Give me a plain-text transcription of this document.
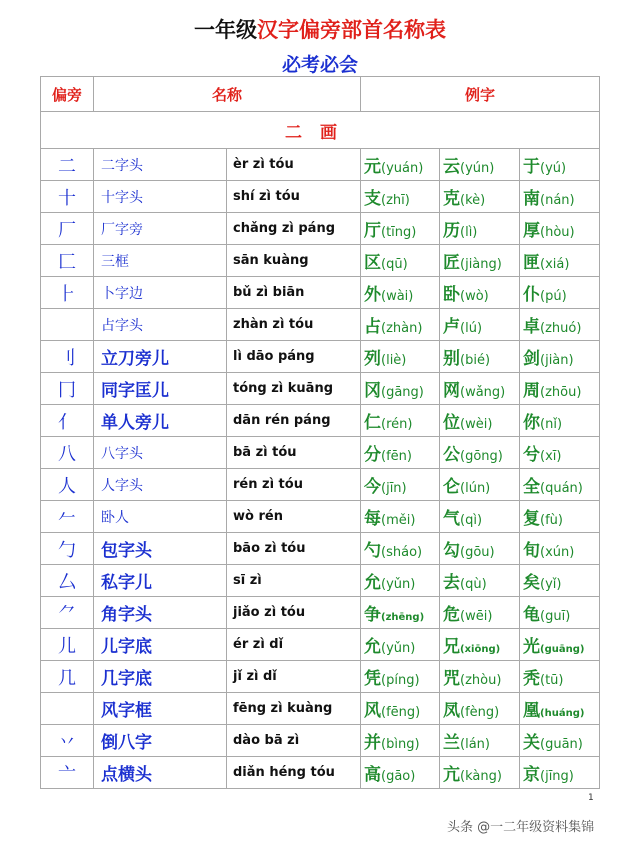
一年级汉字偏旁部首名称表
必考必会
偏旁	名称		例字		
二画					
二	二字头	èr zì tóu	元(yuán)	云(yún)	于(yú)
十	十字头	shí zì tóu	支(zhī)	克(kè)	南(nán)
厂	厂字旁	chǎng zì páng	厅(tīng)	历(lì)	厚(hòu)
匚	三框	sān kuàng	区(qū)	匠(jiàng)	匣(xiá)
⺊	卜字边	bǔ zì biān	外(wài)	卧(wò)	仆(pú)
	占字头	zhàn zì tóu	占(zhàn)	卢(lú)	卓(zhuó)
刂	立刀旁儿	lì dāo páng	列(liè)	别(bié)	剑(jiàn)
冂	同字匡儿	tóng zì kuāng	冈(gāng)	网(wǎng)	周(zhōu)
亻	单人旁儿	dān rén páng	仁(rén)	位(wèi)	你(nǐ)
八	八字头	bā zì tóu	分(fēn)	公(gōng)	兮(xī)
人	人字头	rén zì tóu	今(jīn)	仑(lún)	全(quán)
𠂉	卧人	wò rén	每(měi)	气(qì)	复(fù)
勹	包字头	bāo zì tóu	勺(sháo)	勾(gōu)	旬(xún)
厶	私字儿	sī zì	允(yǔn)	去(qù)	矣(yǐ)
⺈	角字头	jiǎo zì tóu	争(zhēng)	危(wēi)	龟(guī)
儿	儿字底	ér zì dǐ	允(yǔn)	兄(xiōng)	光(guāng)
几	几字底	jǐ zì dǐ	凭(píng)	咒(zhòu)	秃(tū)
	风字框	fēng zì kuàng	风(fēng)	凤(fèng)	凰(huáng)
丷	倒八字	dào bā zì	并(bìng)	兰(lán)	关(guān)
亠	点横头	diǎn héng tóu	高(gāo)	亢(kàng)	京(jīng)
1
头条 @一二年级资料集锦
